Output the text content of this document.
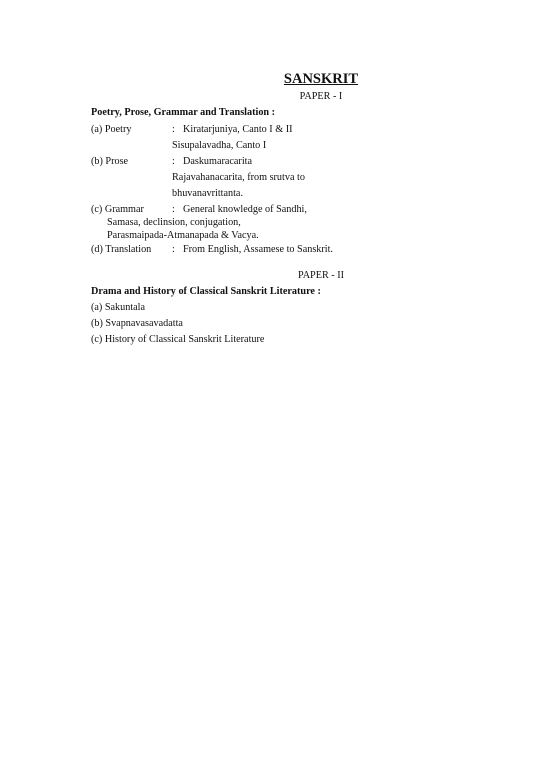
SANSKRIT
PAPER - I
Poetry, Prose, Grammar and Translation :
(a) Poetry	: Kiratarjuniya, Canto I & II
Sisupalavadha, Canto I
(b) Prose	: Daskumaracarita
Rajavahanacarita, from srutva to
bhuvanavrittanta.
(c) Grammar	: General knowledge of Sandhi,
Samasa, declinsion, conjugation,
Parasmaipada-Atmanapada & Vacya.
(d) Translation : From English, Assamese to Sanskrit.
PAPER - II
Drama and History of Classical Sanskrit Literature :
(a) Sakuntala
(b) Svapnavasavadatta
(c) History of Classical Sanskrit Literature
